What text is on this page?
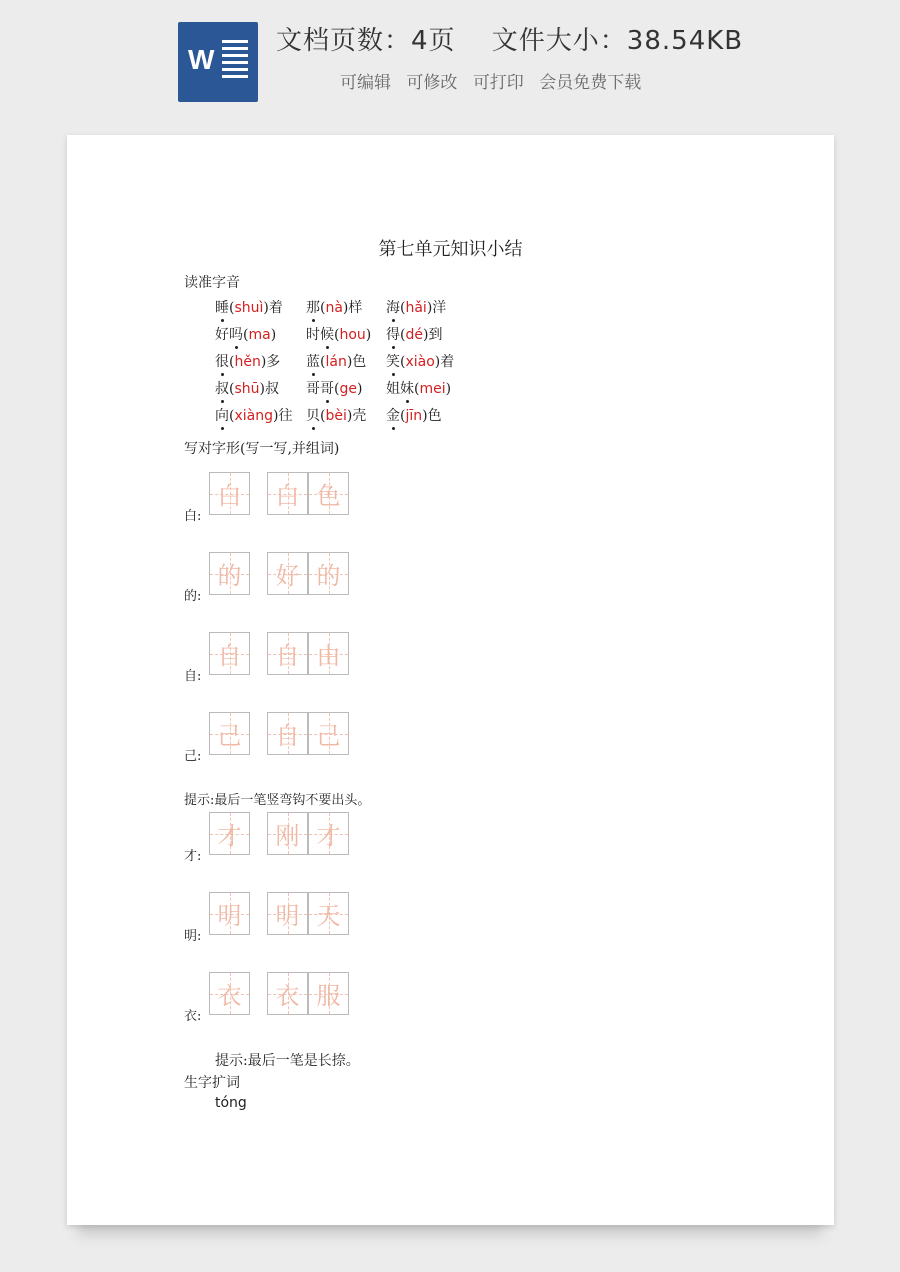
W
文档页数：4页　 文件大小：38.54KB
可编辑 可修改 可打印 会员免费下载
第七单元知识小结
读准字音
睡(shuì)着 那(nà)样 海(hǎi)洋
好吗(ma) 时候(hou) 得(dé)到
很(hěn)多 蓝(lán)色 笑(xiào)着
叔(shū)叔 哥哥(ge) 姐妹(mei)
向(xiàng)往 贝(bèi)壳 金(jīn)色
写对字形(写一写,并组词)
白:
白 白 色
的:
的 好 的
自:
自 自 由
己:
己 自 己
才:
才 刚 才
明:
明 明 天
衣:
衣 衣 服
提示:最后一笔竖弯钩不要出头。
提示:最后一笔是长捺。
生字扩词
tóng
